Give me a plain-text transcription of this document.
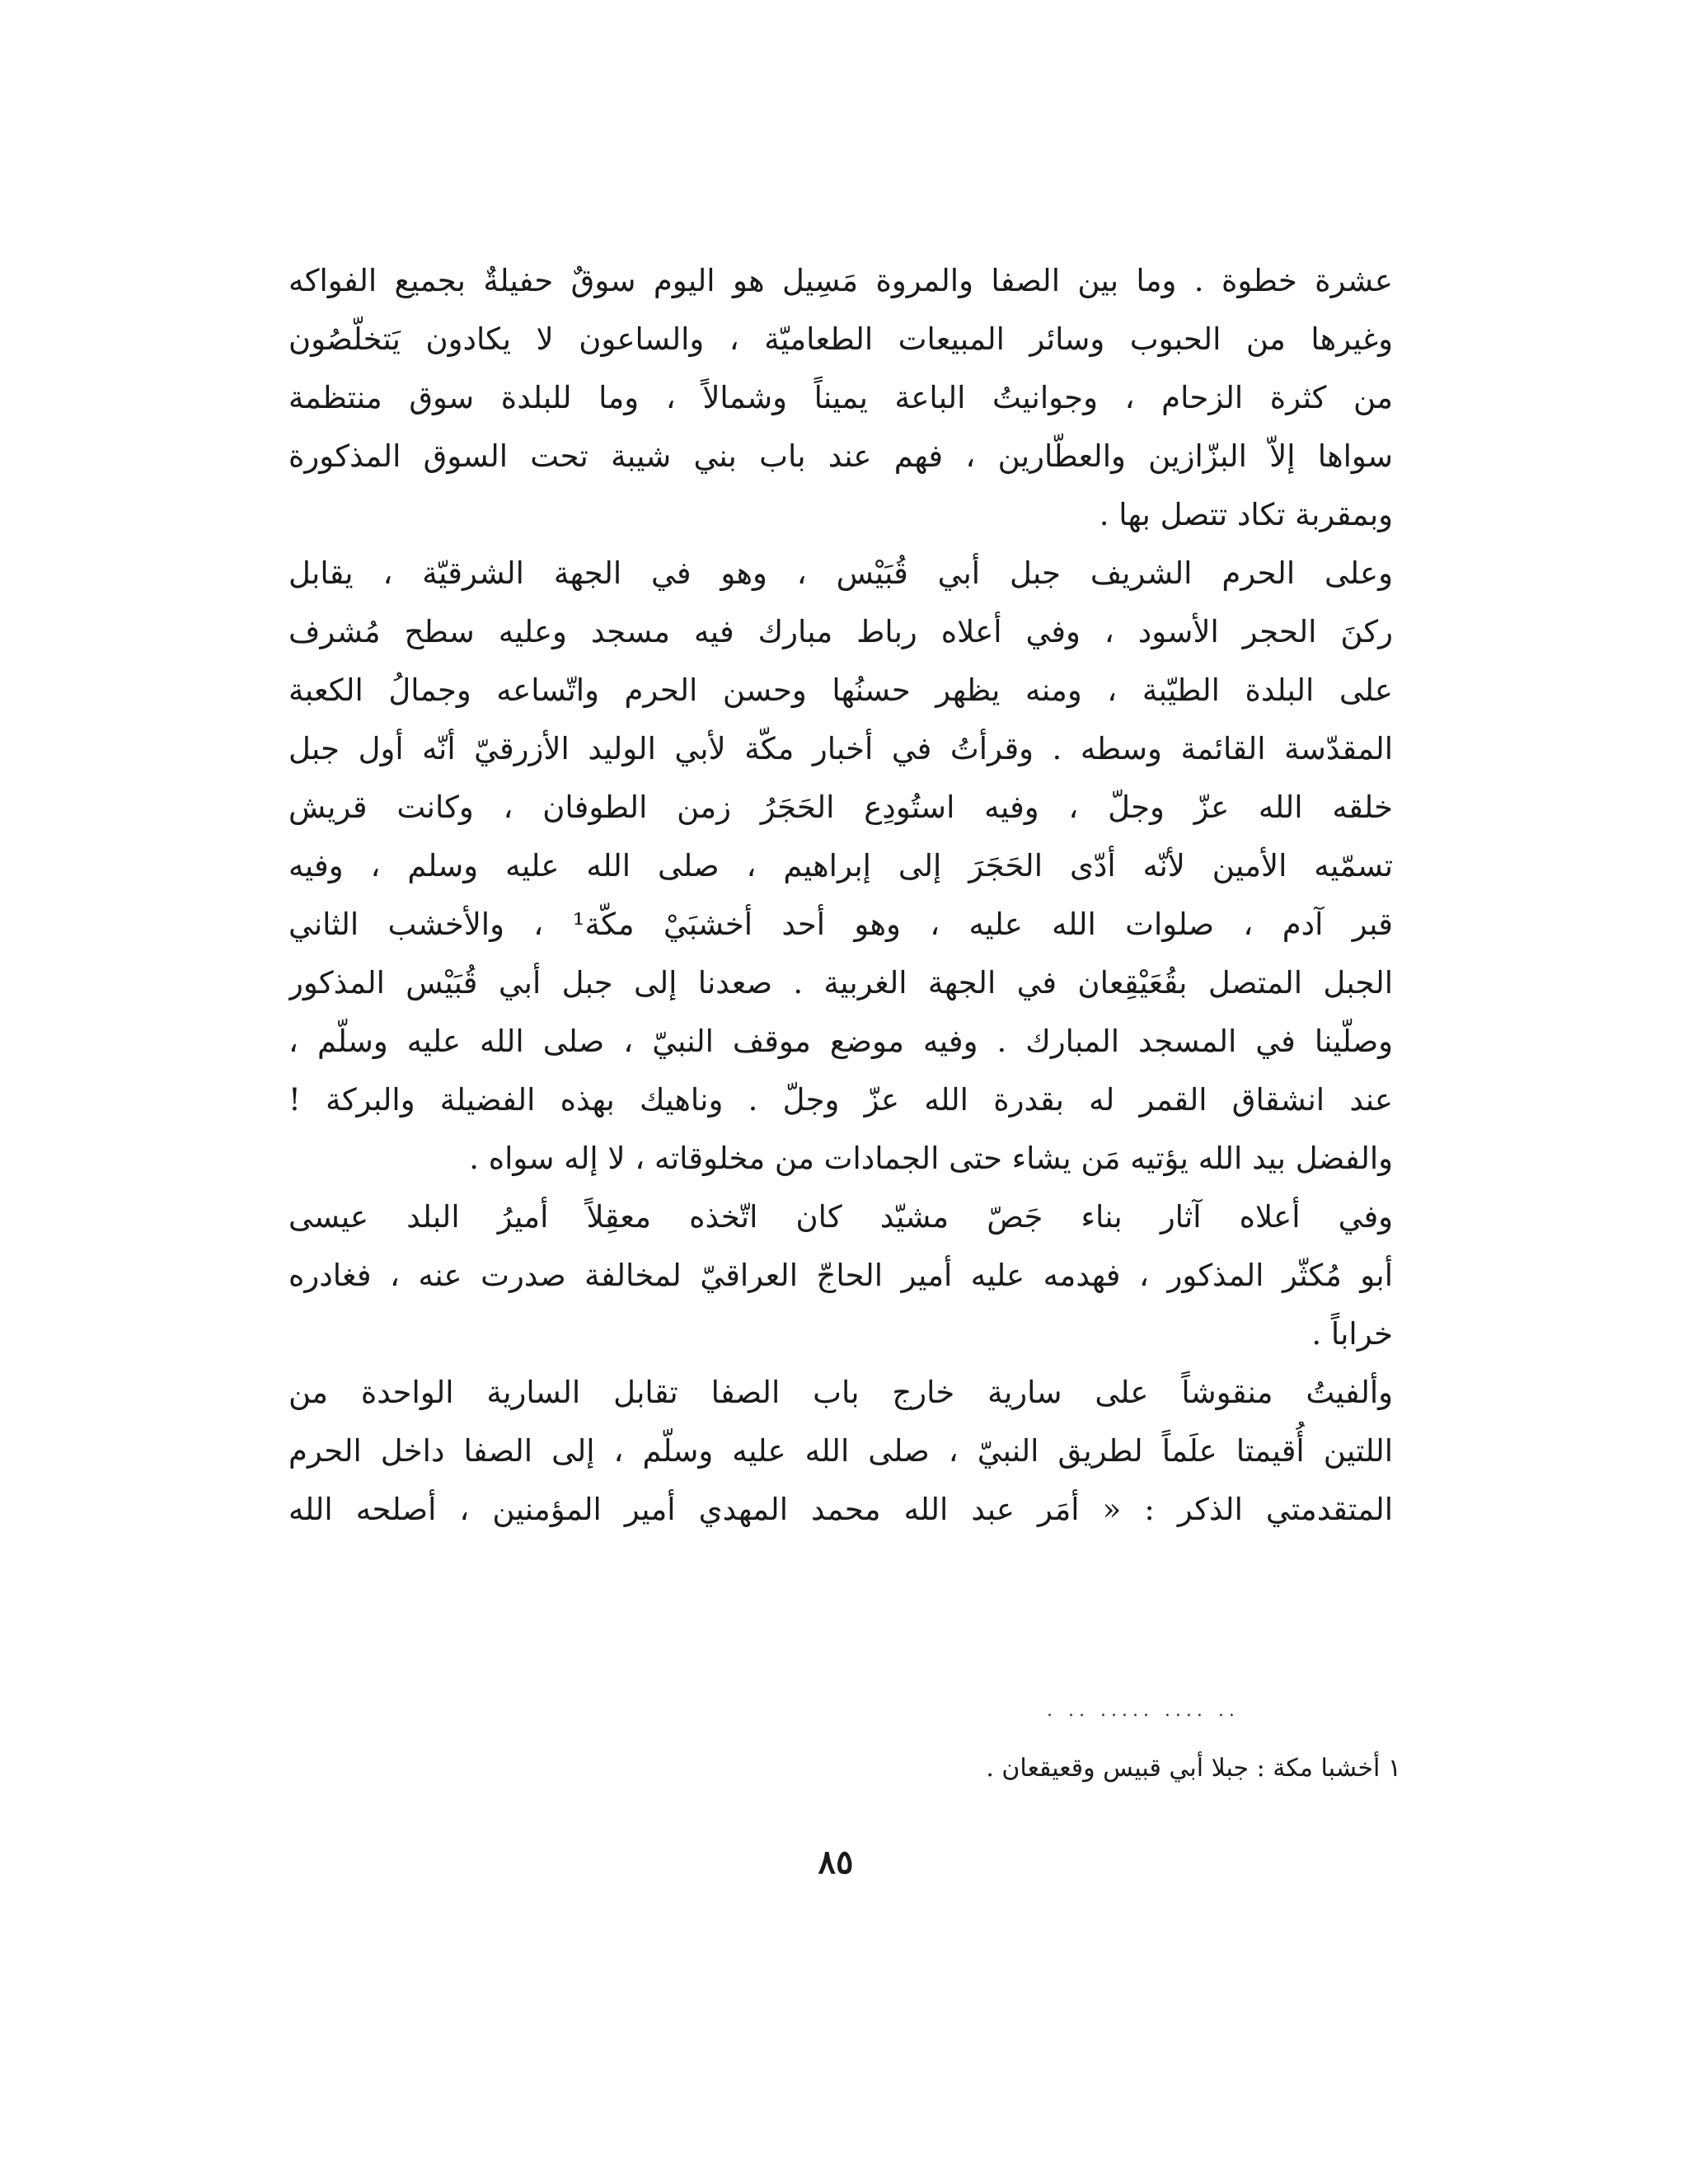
عشرة خطوة . وما بين الصفا والمروة مَسِيل هو اليوم سوقٌ حفيلةٌ بجميع الفواكه
وغيرها من الحبوب وسائر المبيعات الطعاميّة ، والساعون لا يكادون يَتخلّصُون
من كثرة الزحام ، وجوانيتُ الباعة يميناً وشمالاً ، وما للبلدة سوق منتظمة
سواها إلاّ البزّازين والعطّارين ، فهم عند باب بني شيبة تحت السوق المذكورة
وبمقربة تكاد تتصل بها .
وعلى الحرم الشريف جبل أبي قُبَيْس ، وهو في الجهة الشرقيّة ، يقابل
ركنَ الحجر الأسود ، وفي أعلاه رباط مبارك فيه مسجد وعليه سطح مُشرف
على البلدة الطيّبة ، ومنه يظهر حسنُها وحسن الحرم واتّساعه وجمالُ الكعبة
المقدّسة القائمة وسطه . وقرأتُ في أخبار مكّة لأبي الوليد الأزرقيّ أنّه أول جبل
خلقه الله عزّ وجلّ ، وفيه استُودِع الحَجَرُ زمن الطوفان ، وكانت قريش
تسمّيه الأمين لأنّه أدّى الحَجَرَ إلى إبراهيم ، صلى الله عليه وسلم ، وفيه
قبر آدم ، صلوات الله عليه ، وهو أحد أخشبَيْ مكّة¹ ، والأخشب الثاني
الجبل المتصل بقُعَيْقِعان في الجهة الغربية . صعدنا إلى جبل أبي قُبَيْس المذكور
وصلّينا في المسجد المبارك . وفيه موضع موقف النبيّ ، صلى الله عليه وسلّم ،
عند انشقاق القمر له بقدرة الله عزّ وجلّ . وناهيك بهذه الفضيلة والبركة !
والفضل بيد الله يؤتيه مَن يشاء حتى الجمادات من مخلوقاته ، لا إله سواه .
وفي أعلاه آثار بناء جَصّ مشيّد كان اتّخذه معقِلاً أميرُ البلد عيسى
أبو مُكثّر المذكور ، فهدمه عليه أمير الحاجّ العراقيّ لمخالفة صدرت عنه ، فغادره
خراباً .
وألفيتُ منقوشاً على سارية خارج باب الصفا تقابل السارية الواحدة من
اللتين أُقيمتا علَماً لطريق النبيّ ، صلى الله عليه وسلّم ، إلى الصفا داخل الحرم
المتقدمتي الذكر : « أمَر عبد الله محمد المهدي أمير المؤمنين ، أصلحه الله
. .. ..... .... ..
١ أخشبا مكة : جبلا أبي قبيس وقعيقعان .
٨٥
